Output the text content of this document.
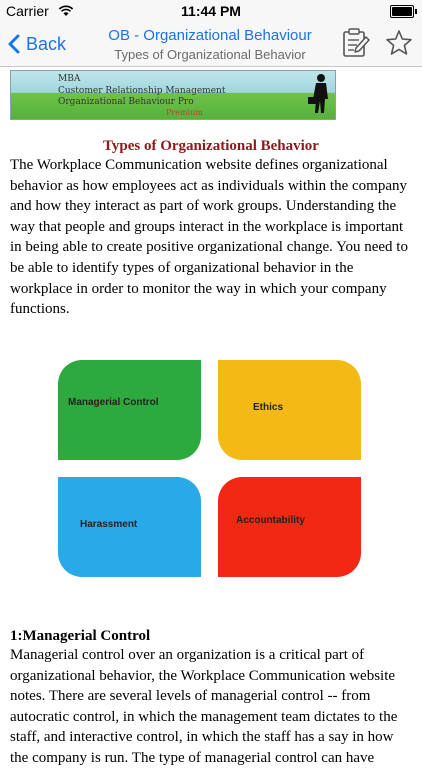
Carrier	11:44 PM
Back	OB - Organizational Behaviour
Types of Organizational Behavior
MBA
Customer Relationship Management
Organizational Behaviour Pro
Premium
Types of Organizational Behavior

The Workplace Communication website defines organizational behavior as how employees act as individuals within the company and how they interact as part of work groups. Understanding the way that people and groups interact in the workplace is important in being able to create positive organizational change. You need to be able to identify types of organizational behavior in the workplace in order to monitor the way in which your company functions.

Managerial Control	Ethics
Harassment	Accountability
1:Managerial Control

Managerial control over an organization is a critical part of organizational behavior, the Workplace Communication website notes. There are several levels of managerial control -- from autocratic control, in which the management team dictates to the staff, and interactive control, in which the staff has a say in how the company is run. The type of managerial control can have
